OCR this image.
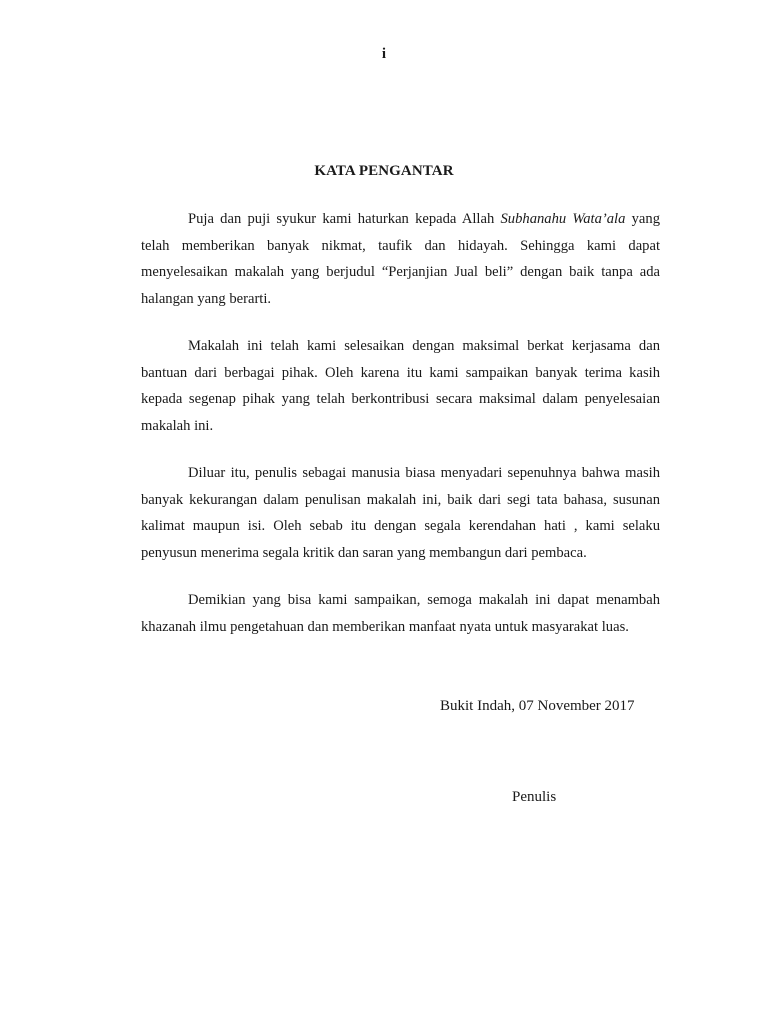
i
KATA PENGANTAR

Puja dan puji syukur kami haturkan kepada Allah Subhanahu Wata’ala yang telah memberikan banyak nikmat, taufik dan hidayah. Sehingga kami dapat menyelesaikan makalah yang berjudul “Perjanjian Jual beli” dengan baik tanpa ada halangan yang berarti.

Makalah ini telah kami selesaikan dengan maksimal berkat kerjasama dan bantuan dari berbagai pihak. Oleh karena itu kami sampaikan banyak terima kasih kepada segenap pihak yang telah berkontribusi secara maksimal dalam penyelesaian makalah ini.

Diluar itu, penulis sebagai manusia biasa menyadari sepenuhnya bahwa masih banyak kekurangan dalam penulisan makalah ini, baik dari segi tata bahasa, susunan kalimat maupun isi. Oleh sebab itu dengan segala kerendahan hati , kami selaku penyusun menerima segala kritik dan saran yang membangun dari pembaca.

Demikian yang bisa kami sampaikan, semoga makalah ini dapat menambah khazanah ilmu pengetahuan dan memberikan manfaat nyata untuk masyarakat luas.

Bukit Indah, 07 November 2017
Penulis
